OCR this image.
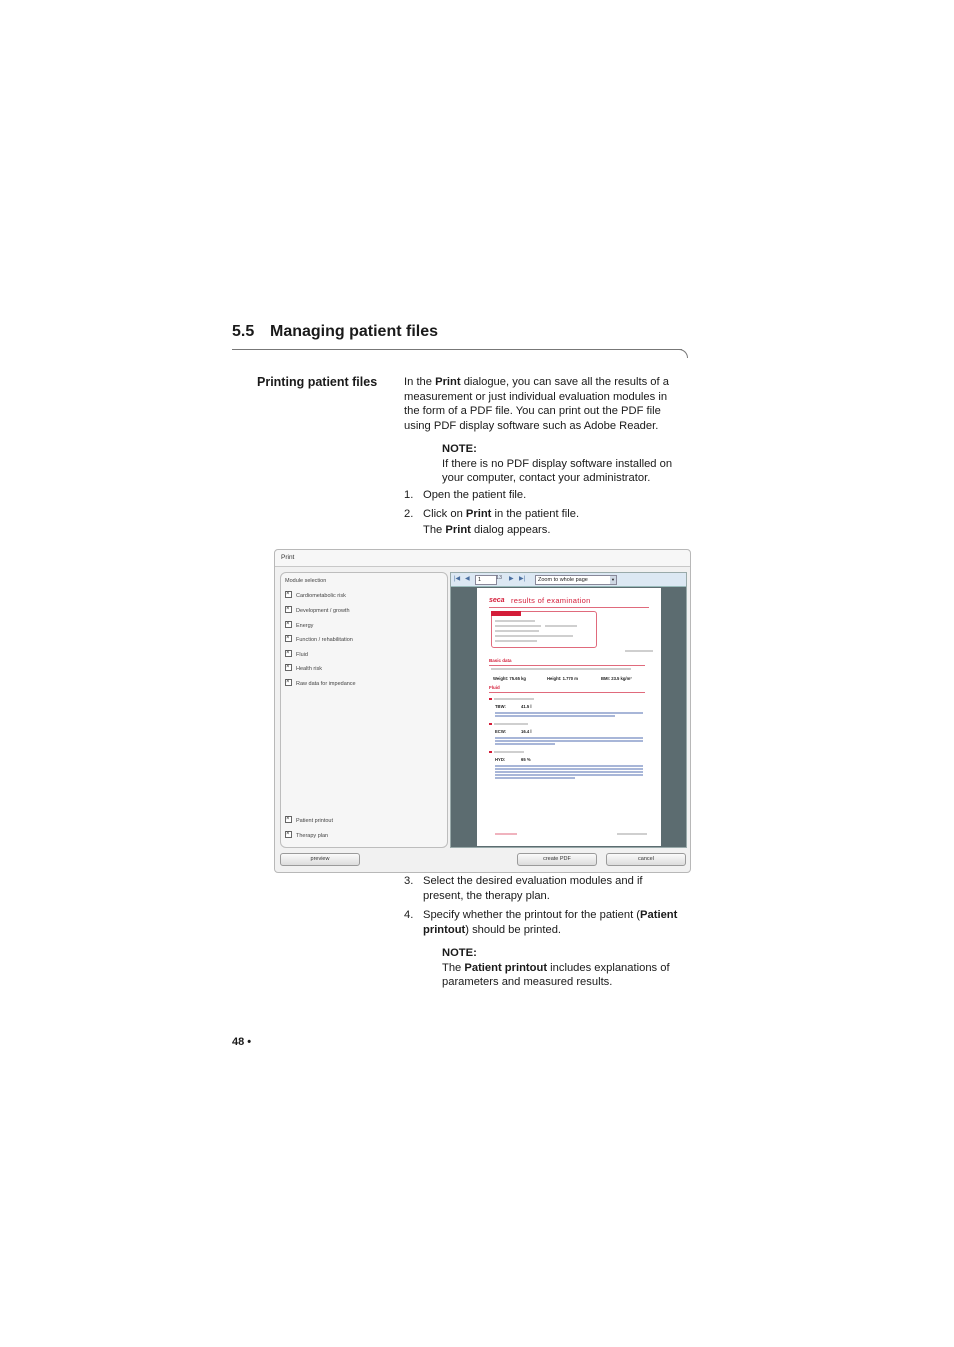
5.5 Managing patient files
Printing patient files In the Print dialogue, you can save all the results of a
measurement or just individual evaluation modules in
the form of a PDF file. You can print out the PDF file
using PDF display software such as Adobe Reader.
NOTE:
If there is no PDF display software installed on
your computer, contact your administrator.
1. Open the patient file.
2. Click on Print in the patient file.
The Print dialog appears.
Print
Module selection
×Cardiometabolic risk
×Development / growth
×Energy
×Function / rehabilitation
×Fluid
×Health risk
×Raw data for impedance
×Patient printout
×Therapy plan
|◀ ◀	1	13 ▶ ▶|	Zoom to whole page	▼
seca results of examination
Basic data
Weight: 75.65 kg	Height: 1.770 m	BMI: 23.5 kg/m²
Fluid
TBW:	41.5 l
ECW:	16.4 l
HYD:	65 %
preview	create PDF	cancel
3. Select the desired evaluation modules and if
present, the therapy plan.
4. Specify whether the printout for the patient (Patient
printout) should be printed.
NOTE:
The Patient printout includes explanations of
parameters and measured results.
48 •
